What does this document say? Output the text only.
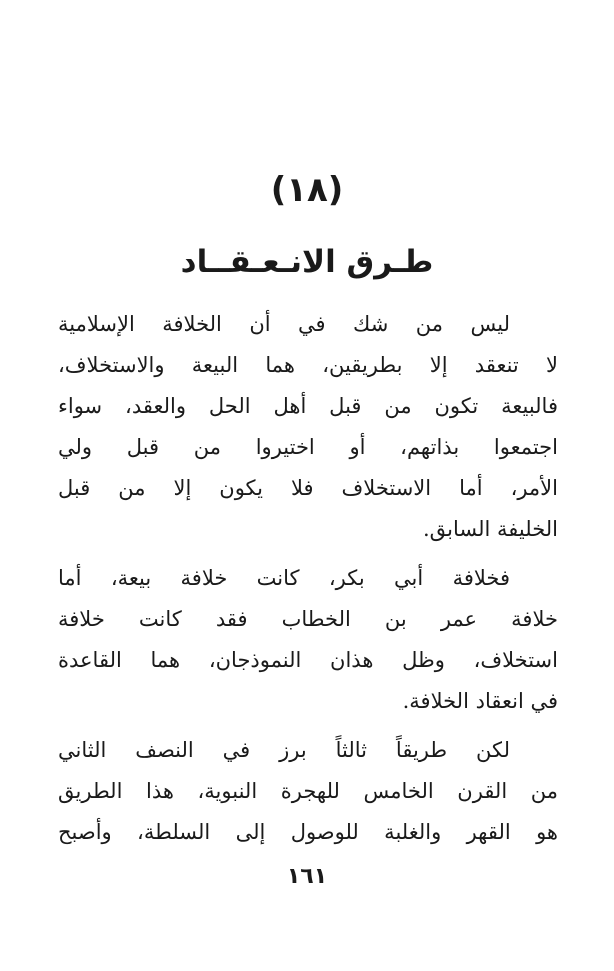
(١٨)
طـرق الانـعـقــاد
ليس من شك في أن الخلافة الإسلامية
لا تنعقد إلا بطريقين، هما البيعة والاستخلاف،
فالبيعة تكون من قبل أهل الحل والعقد، سواء
اجتمعوا بذاتهم، أو اختيروا من قبل ولي
الأمر، أما الاستخلاف فلا يكون إلا من قبل
الخليفة السابق.
فخلافة أبي بكر، كانت خلافة بيعة، أما
خلافة عمر بن الخطاب فقد كانت خلافة
استخلاف، وظل هذان النموذجان، هما القاعدة
في انعقاد الخلافة.
لكن طريقاً ثالثاً برز في النصف الثاني
من القرن الخامس للهجرة النبوية، هذا الطريق
هو القهر والغلبة للوصول إلى السلطة، وأصبح
١٦١
